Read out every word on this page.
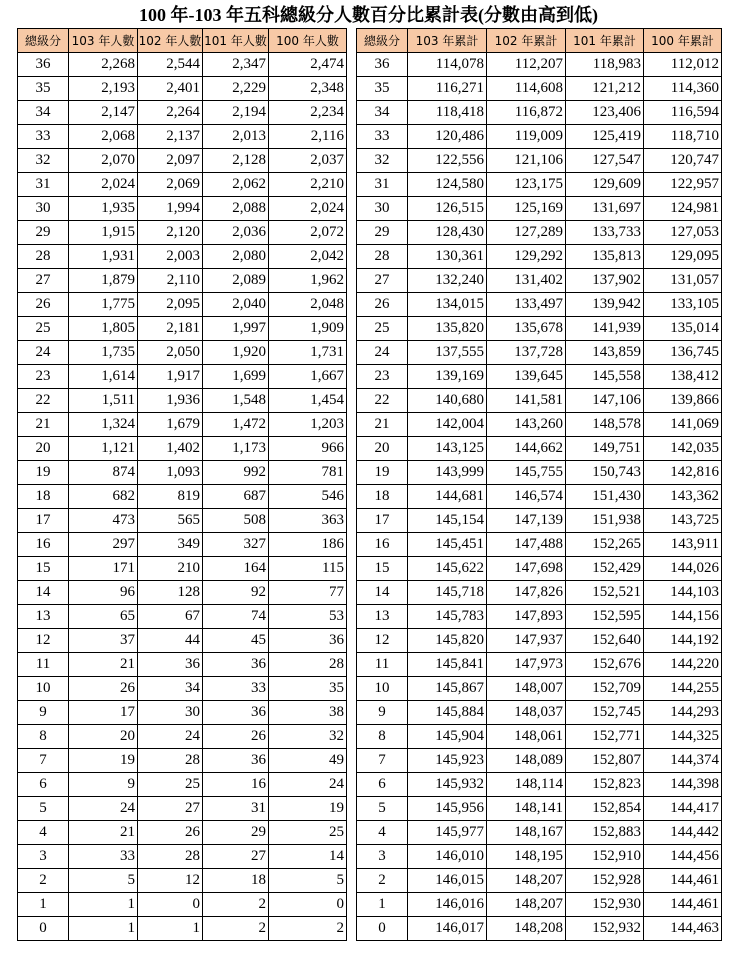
100 年-103 年五科總級分人數百分比累計表(分數由高到低)
總級分	103 年人數	102 年人數	101 年人數	100 年人數
36	2,268	2,544	2,347	2,474
35	2,193	2,401	2,229	2,348
34	2,147	2,264	2,194	2,234
33	2,068	2,137	2,013	2,116
32	2,070	2,097	2,128	2,037
31	2,024	2,069	2,062	2,210
30	1,935	1,994	2,088	2,024
29	1,915	2,120	2,036	2,072
28	1,931	2,003	2,080	2,042
27	1,879	2,110	2,089	1,962
26	1,775	2,095	2,040	2,048
25	1,805	2,181	1,997	1,909
24	1,735	2,050	1,920	1,731
23	1,614	1,917	1,699	1,667
22	1,511	1,936	1,548	1,454
21	1,324	1,679	1,472	1,203
20	1,121	1,402	1,173	966
19	874	1,093	992	781
18	682	819	687	546
17	473	565	508	363
16	297	349	327	186
15	171	210	164	115
14	96	128	92	77
13	65	67	74	53
12	37	44	45	36
11	21	36	36	28
10	26	34	33	35
9	17	30	36	38
8	20	24	26	32
7	19	28	36	49
6	9	25	16	24
5	24	27	31	19
4	21	26	29	25
3	33	28	27	14
2	5	12	18	5
1	1	0	2	0
0	1	1	2	2
總級分	103 年累計	102 年累計	101 年累計	100 年累計
36	114,078	112,207	118,983	112,012
35	116,271	114,608	121,212	114,360
34	118,418	116,872	123,406	116,594
33	120,486	119,009	125,419	118,710
32	122,556	121,106	127,547	120,747
31	124,580	123,175	129,609	122,957
30	126,515	125,169	131,697	124,981
29	128,430	127,289	133,733	127,053
28	130,361	129,292	135,813	129,095
27	132,240	131,402	137,902	131,057
26	134,015	133,497	139,942	133,105
25	135,820	135,678	141,939	135,014
24	137,555	137,728	143,859	136,745
23	139,169	139,645	145,558	138,412
22	140,680	141,581	147,106	139,866
21	142,004	143,260	148,578	141,069
20	143,125	144,662	149,751	142,035
19	143,999	145,755	150,743	142,816
18	144,681	146,574	151,430	143,362
17	145,154	147,139	151,938	143,725
16	145,451	147,488	152,265	143,911
15	145,622	147,698	152,429	144,026
14	145,718	147,826	152,521	144,103
13	145,783	147,893	152,595	144,156
12	145,820	147,937	152,640	144,192
11	145,841	147,973	152,676	144,220
10	145,867	148,007	152,709	144,255
9	145,884	148,037	152,745	144,293
8	145,904	148,061	152,771	144,325
7	145,923	148,089	152,807	144,374
6	145,932	148,114	152,823	144,398
5	145,956	148,141	152,854	144,417
4	145,977	148,167	152,883	144,442
3	146,010	148,195	152,910	144,456
2	146,015	148,207	152,928	144,461
1	146,016	148,207	152,930	144,461
0	146,017	148,208	152,932	144,463
